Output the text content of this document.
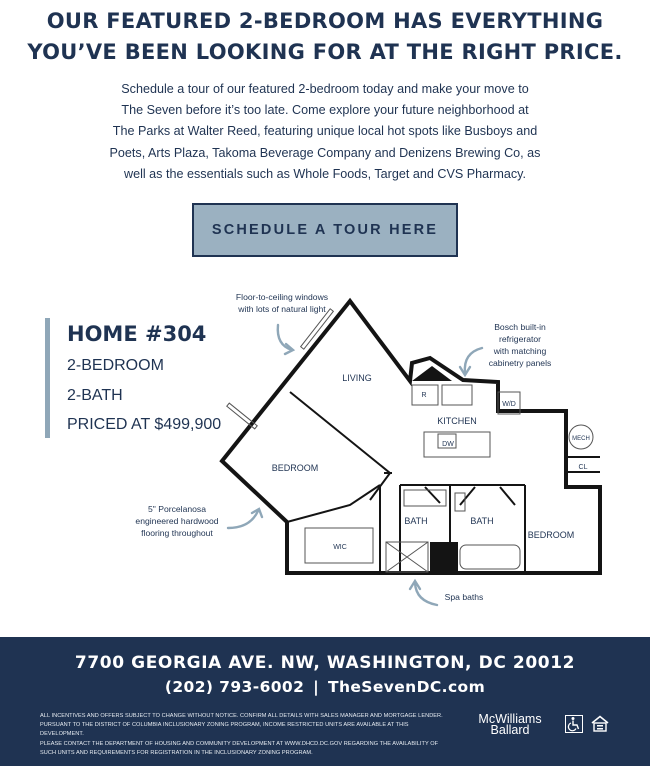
OUR FEATURED 2-BEDROOM HAS EVERYTHING
YOU’VE BEEN LOOKING FOR AT THE RIGHT PRICE.
Schedule a tour of our featured 2-bedroom today and make your move to
The Seven before it’s too late. Come explore your future neighborhood at
The Parks at Walter Reed, featuring unique local hot spots like Busboys and
Poets, Arts Plaza, Takoma Beverage Company and Denizens Brewing Co, as
well as the essentials such as Whole Foods, Target and CVS Pharmacy.
SCHEDULE A TOUR HERE
HOME #304
2-BEDROOM
2-BATH
PRICED AT $499,900
LIVING
KITCHEN
BEDROOM
BEDROOM
BATH	BATH
WIC
MECH
CL
R
W/D
DW
Floor-to-ceiling windows
with lots of natural light
Bosch built-in
refrigerator
with matching
cabinetry panels
5" Porcelanosa
engineered hardwood
flooring throughout
Spa baths
7700 GEORGIA AVE. NW, WASHINGTON, DC 20012
(202) 793-6002 | TheSevenDC.com
ALL INCENTIVES AND OFFERS SUBJECT TO CHANGE WITHOUT NOTICE. CONFIRM ALL DETAILS WITH SALES MANAGER AND MORTGAGE LENDER.
PURSUANT TO THE DISTRICT OF COLUMBIA INCLUSIONARY ZONING PROGRAM, INCOME RESTRICTED UNITS ARE AVAILABLE AT THIS DEVELOPMENT.
PLEASE CONTACT THE DEPARTMENT OF HOUSING AND COMMUNITY DEVELOPMENT AT WWW.DHCD.DC.GOV REGARDING THE AVAILABILITY OF
SUCH UNITS AND REQUIREMENTS FOR REGISTRATION IN THE INCLUSIONARY ZONING PROGRAM.
McWilliams
Ballard
